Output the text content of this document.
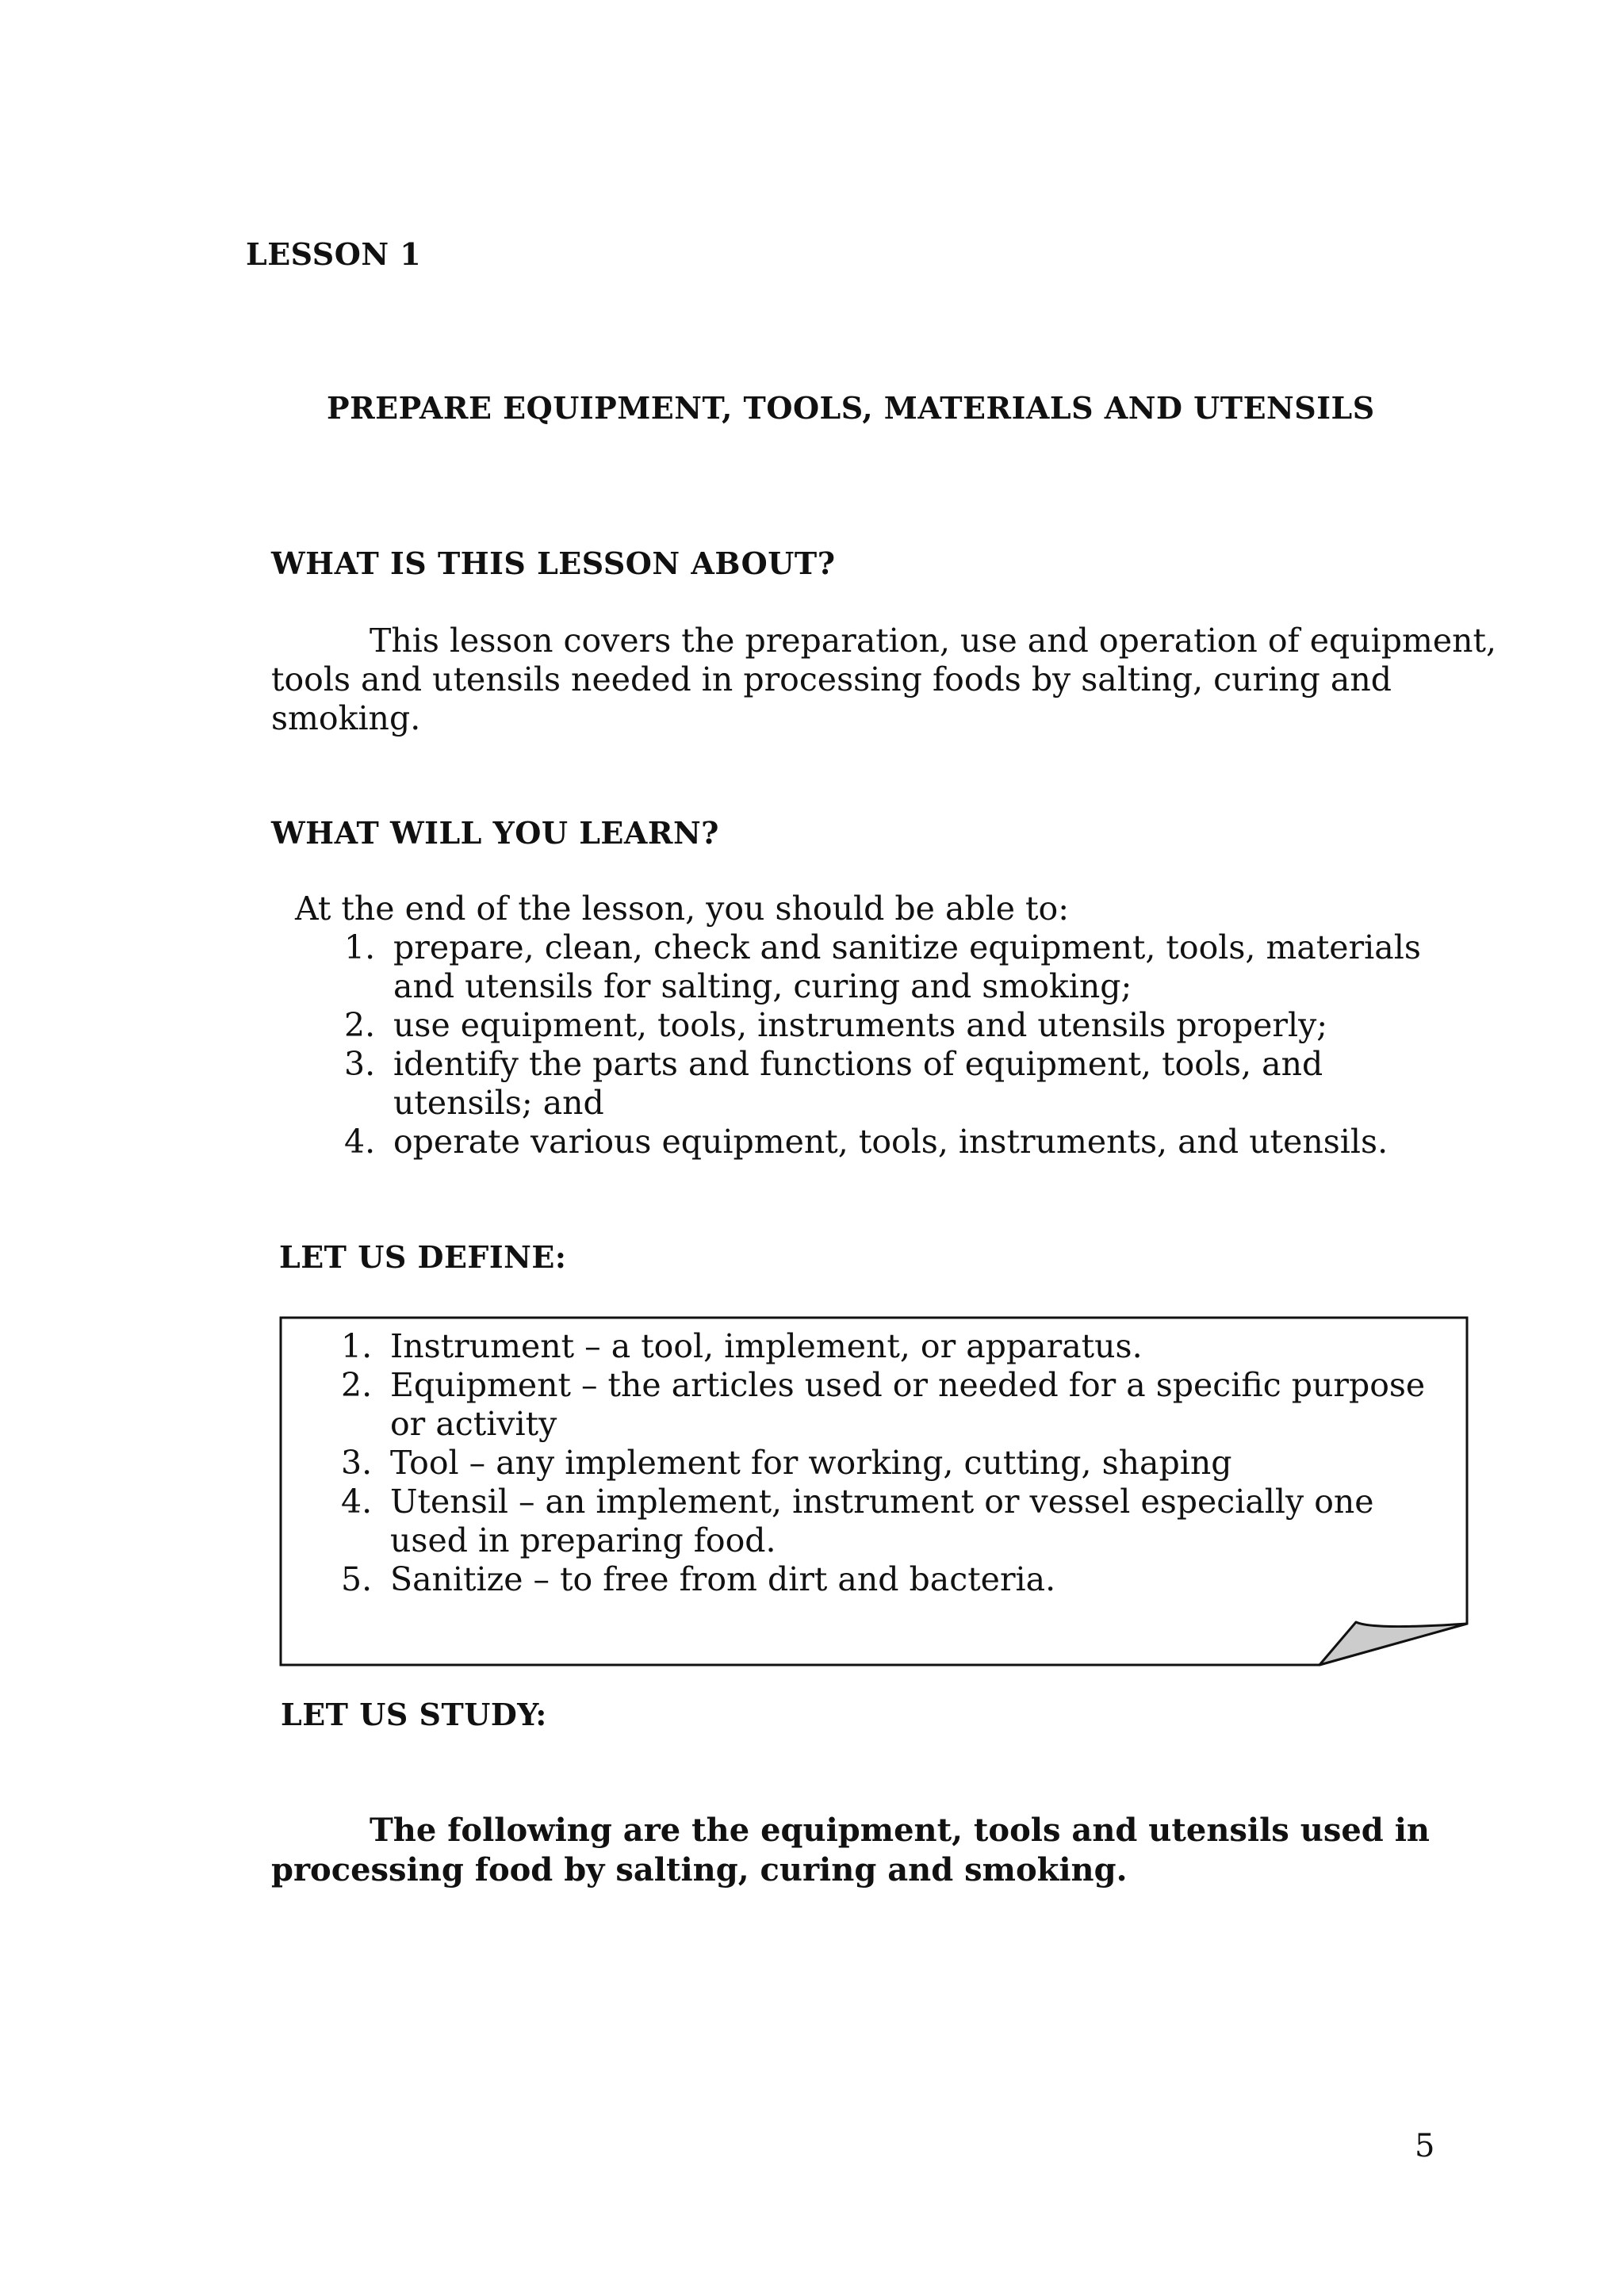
LESSON 1
PREPARE EQUIPMENT, TOOLS, MATERIALS AND UTENSILS
WHAT IS THIS LESSON ABOUT?

This lesson covers the preparation, use and operation of equipment, tools and utensils needed in processing foods by salting, curing and smoking.

WHAT WILL YOU LEARN?
At the end of the lesson, you should be able to:
1. prepare, clean, check and sanitize equipment, tools, materials and utensils for salting, curing and smoking;
2. use equipment, tools, instruments and utensils properly;
3. identify the parts and functions of equipment, tools, and utensils; and
4. operate various equipment, tools, instruments, and utensils.
LET US DEFINE:
1. Instrument – a tool, implement, or apparatus.
2. Equipment – the articles used or needed for a specific purpose or activity
3. Tool – any implement for working, cutting, shaping
4. Utensil – an implement, instrument or vessel especially one used in preparing food.
5. Sanitize – to free from dirt and bacteria.
LET US STUDY:

The following are the equipment, tools and utensils used in processing food by salting, curing and smoking.

5
